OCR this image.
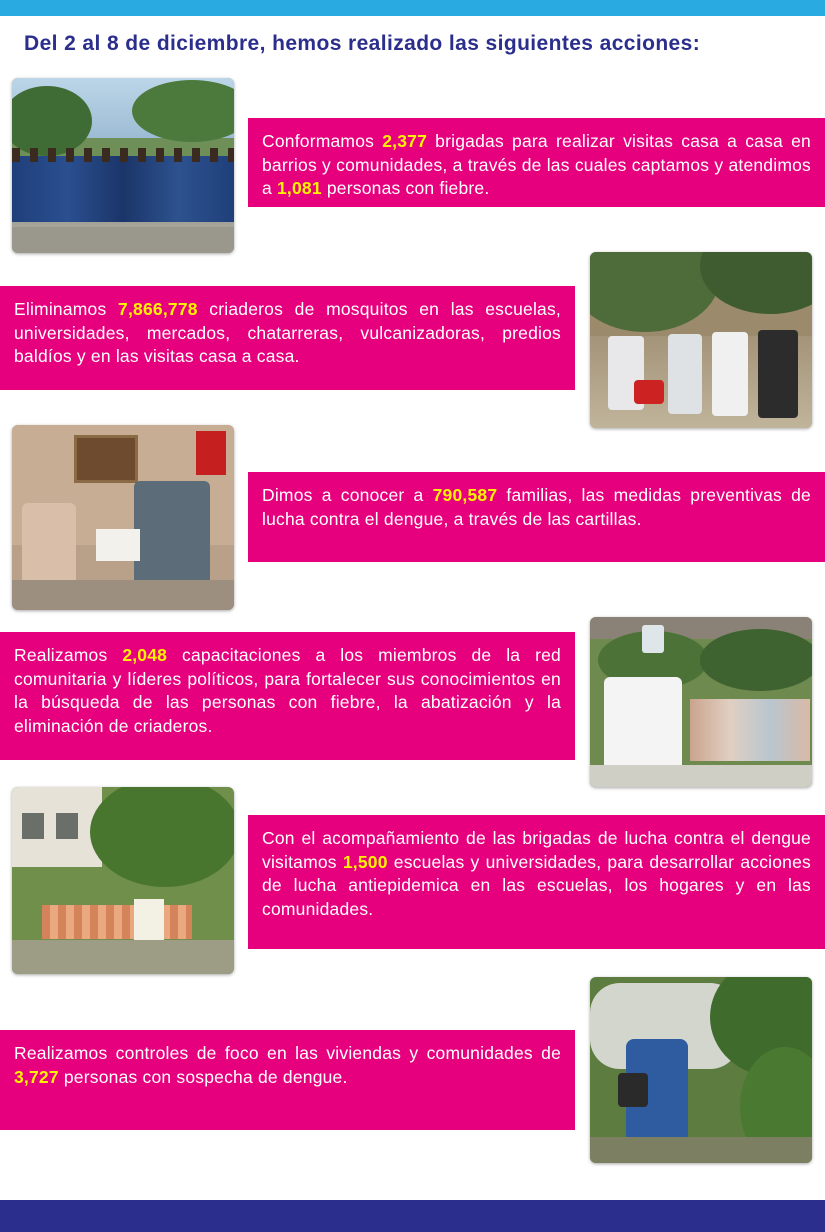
Del 2 al 8 de diciembre, hemos realizado las siguientes acciones:
Conformamos 2,377 brigadas para realizar visitas casa a casa en barrios y comunidades, a través de las cuales captamos y atendimos a 1,081 personas con fiebre.
Eliminamos 7,866,778 criaderos de mosquitos en las escuelas, universidades, mercados, chatarreras, vulcanizadoras, predios baldíos y en las visitas casa a casa.
Dimos a conocer a 790,587 familias, las medidas preventivas de lucha contra el dengue, a través de las cartillas.
Realizamos 2,048 capacitaciones a los miembros de la red comunitaria y líderes políticos, para fortalecer sus conocimientos en la búsqueda de las personas con fiebre, la abatización y la eliminación de criaderos.
Con el acompañamiento de las brigadas de lucha contra el dengue visitamos 1,500 escuelas y universidades, para desarrollar acciones de lucha antiepidemica en las escuelas, los hogares y en las comunidades.
Realizamos controles de foco en las viviendas y comunidades de 3,727 personas con sospecha de dengue.
